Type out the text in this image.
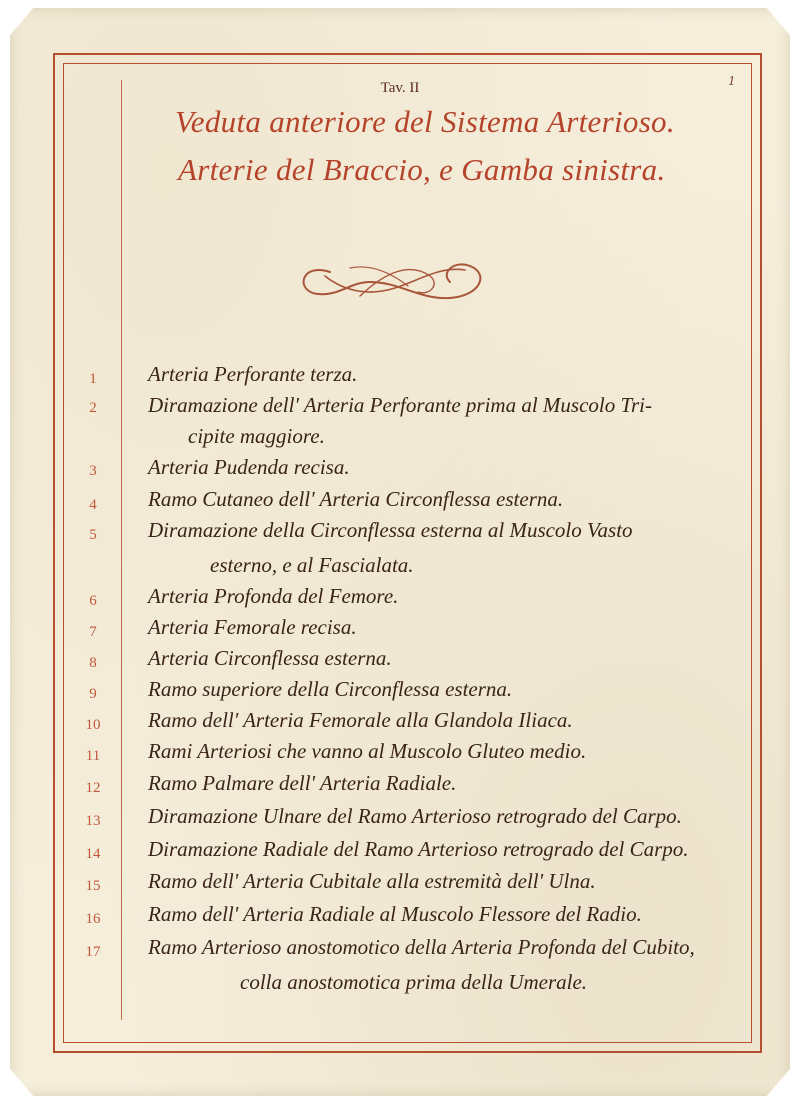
1
Tav. II
Veduta anteriore del Sistema Arterioso.
Arterie del Braccio, e Gamba sinistra.
1	Arteria Perforante terza.
2	Diramazione dell' Arteria Perforante prima al Muscolo Tri-
cipite maggiore.
3	Arteria Pudenda recisa.
4	Ramo Cutaneo dell' Arteria Circonflessa esterna.
5	Diramazione della Circonflessa esterna al Muscolo Vasto
esterno, e al Fascialata.
6	Arteria Profonda del Femore.
7	Arteria Femorale recisa.
8	Arteria Circonflessa esterna.
9	Ramo superiore della Circonflessa esterna.
10	Ramo dell' Arteria Femorale alla Glandola Iliaca.
11	Rami Arteriosi che vanno al Muscolo Gluteo medio.
12	Ramo Palmare dell' Arteria Radiale.
13	Diramazione Ulnare del Ramo Arterioso retrogrado del Carpo.
14	Diramazione Radiale del Ramo Arterioso retrogrado del Carpo.
15	Ramo dell' Arteria Cubitale alla estremità dell' Ulna.
16	Ramo dell' Arteria Radiale al Muscolo Flessore del Radio.
17	Ramo Arterioso anostomotico della Arteria Profonda del Cubito,
colla anostomotica prima della Umerale.
